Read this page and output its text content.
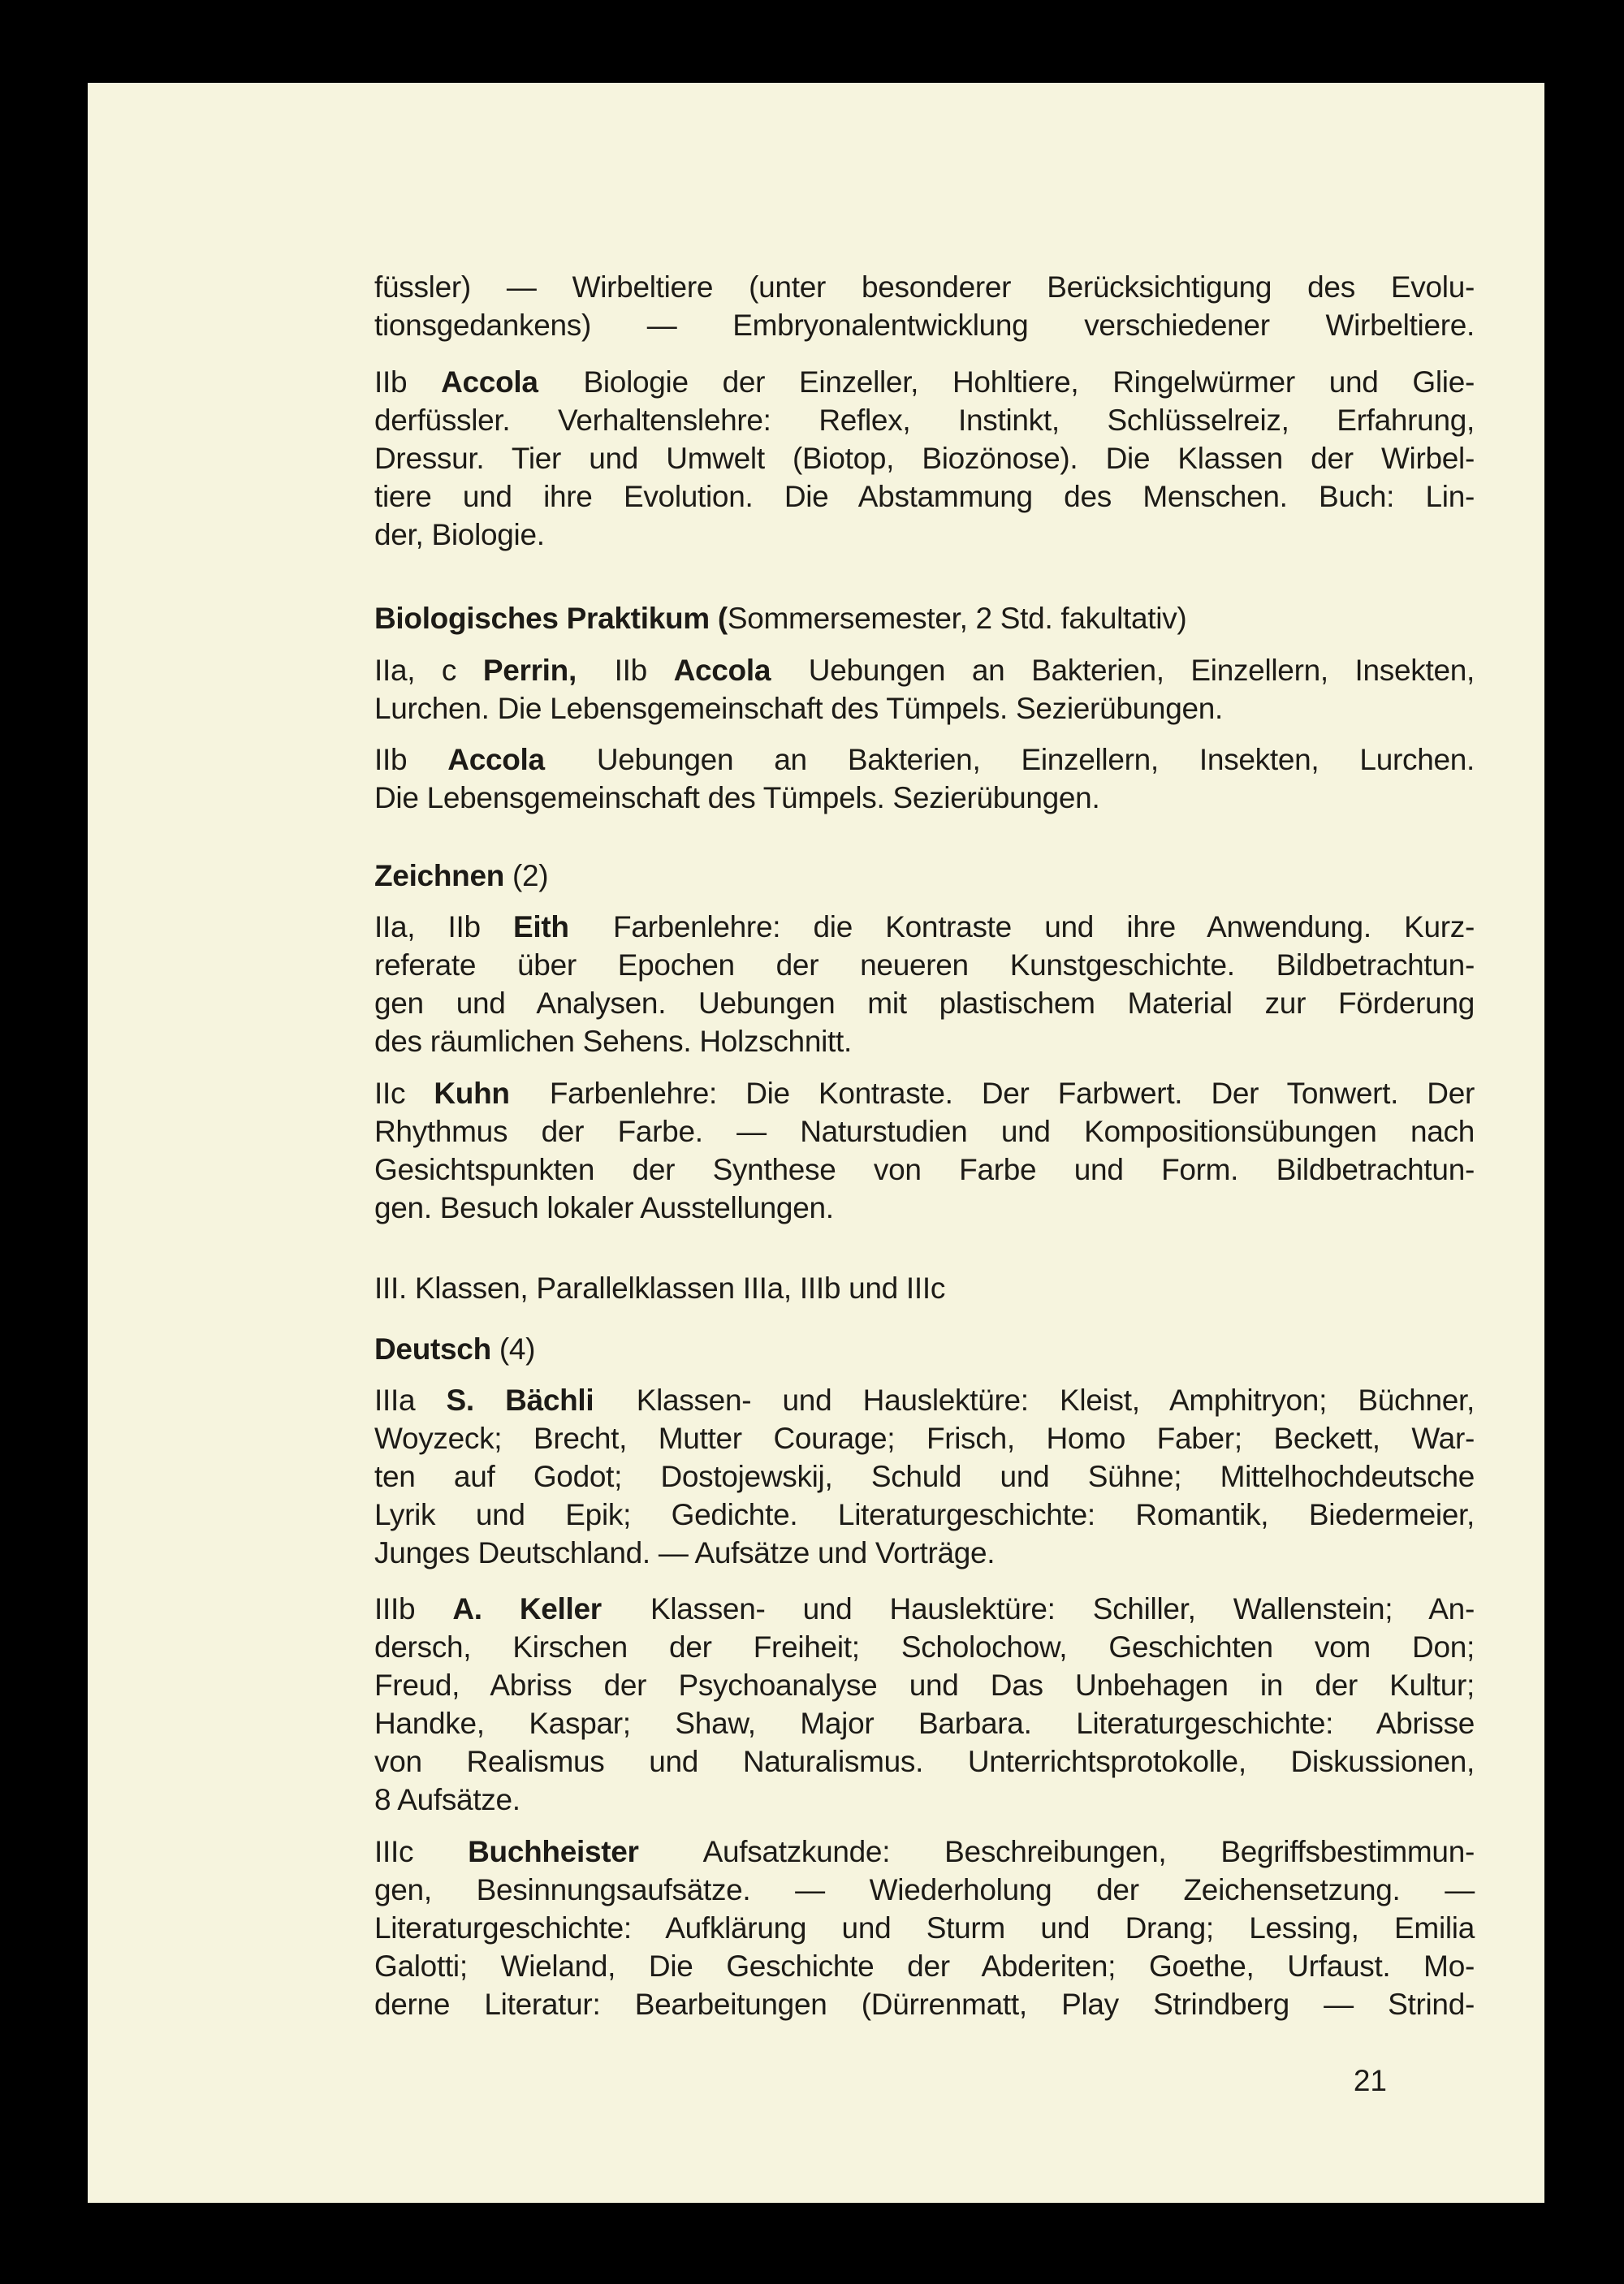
füssler) — Wirbeltiere (unter besonderer Berücksichtigung des Evolu-
tionsgedankens) — Embryonalentwicklung verschiedener Wirbeltiere.
IIb Accola Biologie der Einzeller, Hohltiere, Ringelwürmer und Glie-
derfüssler. Verhaltenslehre: Reflex, Instinkt, Schlüsselreiz, Erfahrung,
Dressur. Tier und Umwelt (Biotop, Biozönose). Die Klassen der Wirbel-
tiere und ihre Evolution. Die Abstammung des Menschen. Buch: Lin-
der, Biologie.
Biologisches Praktikum (Sommersemester, 2 Std. fakultativ)
IIa, c Perrin, IIb Accola Uebungen an Bakterien, Einzellern, Insekten,
Lurchen. Die Lebensgemeinschaft des Tümpels. Sezierübungen.
IIb Accola Uebungen an Bakterien, Einzellern, Insekten, Lurchen.
Die Lebensgemeinschaft des Tümpels. Sezierübungen.
Zeichnen (2)
IIa, IIb Eith Farbenlehre: die Kontraste und ihre Anwendung. Kurz-
referate über Epochen der neueren Kunstgeschichte. Bildbetrachtun-
gen und Analysen. Uebungen mit plastischem Material zur Förderung
des räumlichen Sehens. Holzschnitt.
IIc Kuhn Farbenlehre: Die Kontraste. Der Farbwert. Der Tonwert. Der
Rhythmus der Farbe. — Naturstudien und Kompositionsübungen nach
Gesichtspunkten der Synthese von Farbe und Form. Bildbetrachtun-
gen. Besuch lokaler Ausstellungen.
III. Klassen, Parallelklassen IIIa, IIIb und IIIc
Deutsch (4)
IIIa S. Bächli Klassen- und Hauslektüre: Kleist, Amphitryon; Büchner,
Woyzeck; Brecht, Mutter Courage; Frisch, Homo Faber; Beckett, War-
ten auf Godot; Dostojewskij, Schuld und Sühne; Mittelhochdeutsche
Lyrik und Epik; Gedichte. Literaturgeschichte: Romantik, Biedermeier,
Junges Deutschland. — Aufsätze und Vorträge.
IIIb A. Keller Klassen- und Hauslektüre: Schiller, Wallenstein; An-
dersch, Kirschen der Freiheit; Scholochow, Geschichten vom Don;
Freud, Abriss der Psychoanalyse und Das Unbehagen in der Kultur;
Handke, Kaspar; Shaw, Major Barbara. Literaturgeschichte: Abrisse
von Realismus und Naturalismus. Unterrichtsprotokolle, Diskussionen,
8 Aufsätze.
IIIc Buchheister Aufsatzkunde: Beschreibungen, Begriffsbestimmun-
gen, Besinnungsaufsätze. — Wiederholung der Zeichensetzung. —
Literaturgeschichte: Aufklärung und Sturm und Drang; Lessing, Emilia
Galotti; Wieland, Die Geschichte der Abderiten; Goethe, Urfaust. Mo-
derne Literatur: Bearbeitungen (Dürrenmatt, Play Strindberg — Strind-
21
